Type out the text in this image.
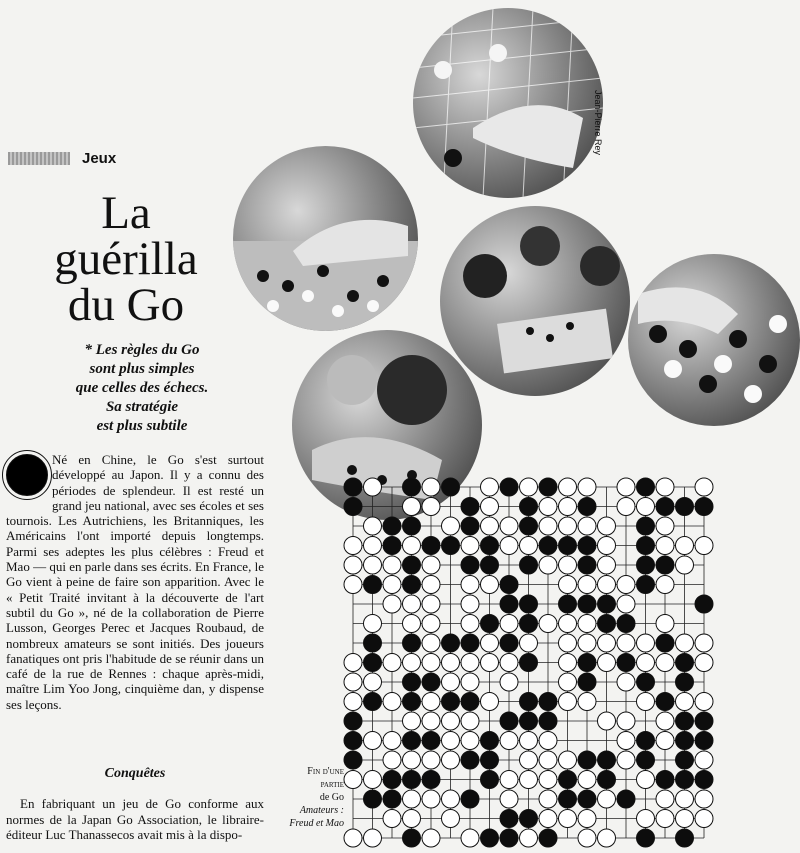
Jeux
La
guérilla
du Go
* Les règles du Go
sont plus simples
que celles des échecs.
Sa stratégie
est plus subtile

Né en Chine, le Go s'est surtout développé au Japon. Il y a connu des périodes de splendeur. Il est resté un grand jeu national, avec ses écoles et ses tournois. Les Autrichiens, les Britanniques, les Américains l'ont importé depuis longtemps. Parmi ses adeptes les plus célèbres : Freud et Mao — qui en parle dans ses écrits. En France, le Go vient à peine de faire son apparition. Avec le « Petit Traité invitant à la découverte de l'art subtil du Go », né de la collaboration de Pierre Lusson, Georges Perec et Jacques Roubaud, de nombreux amateurs se sont initiés. Des joueurs fanatiques ont pris l'habitude de se réunir dans un café de la rue de Rennes : chaque après-midi, maître Lim Yoo Jong, cinquième dan, y dispense ses leçons.

Conquêtes
En fabriquant un jeu de Go conforme aux normes de la Japan Go Association, le libraire-éditeur Luc Thanassecos avait mis à la dispo-
Jean-Pierre Rey
Fin d'une
partie
de Go
Amateurs :
Freud et Mao
